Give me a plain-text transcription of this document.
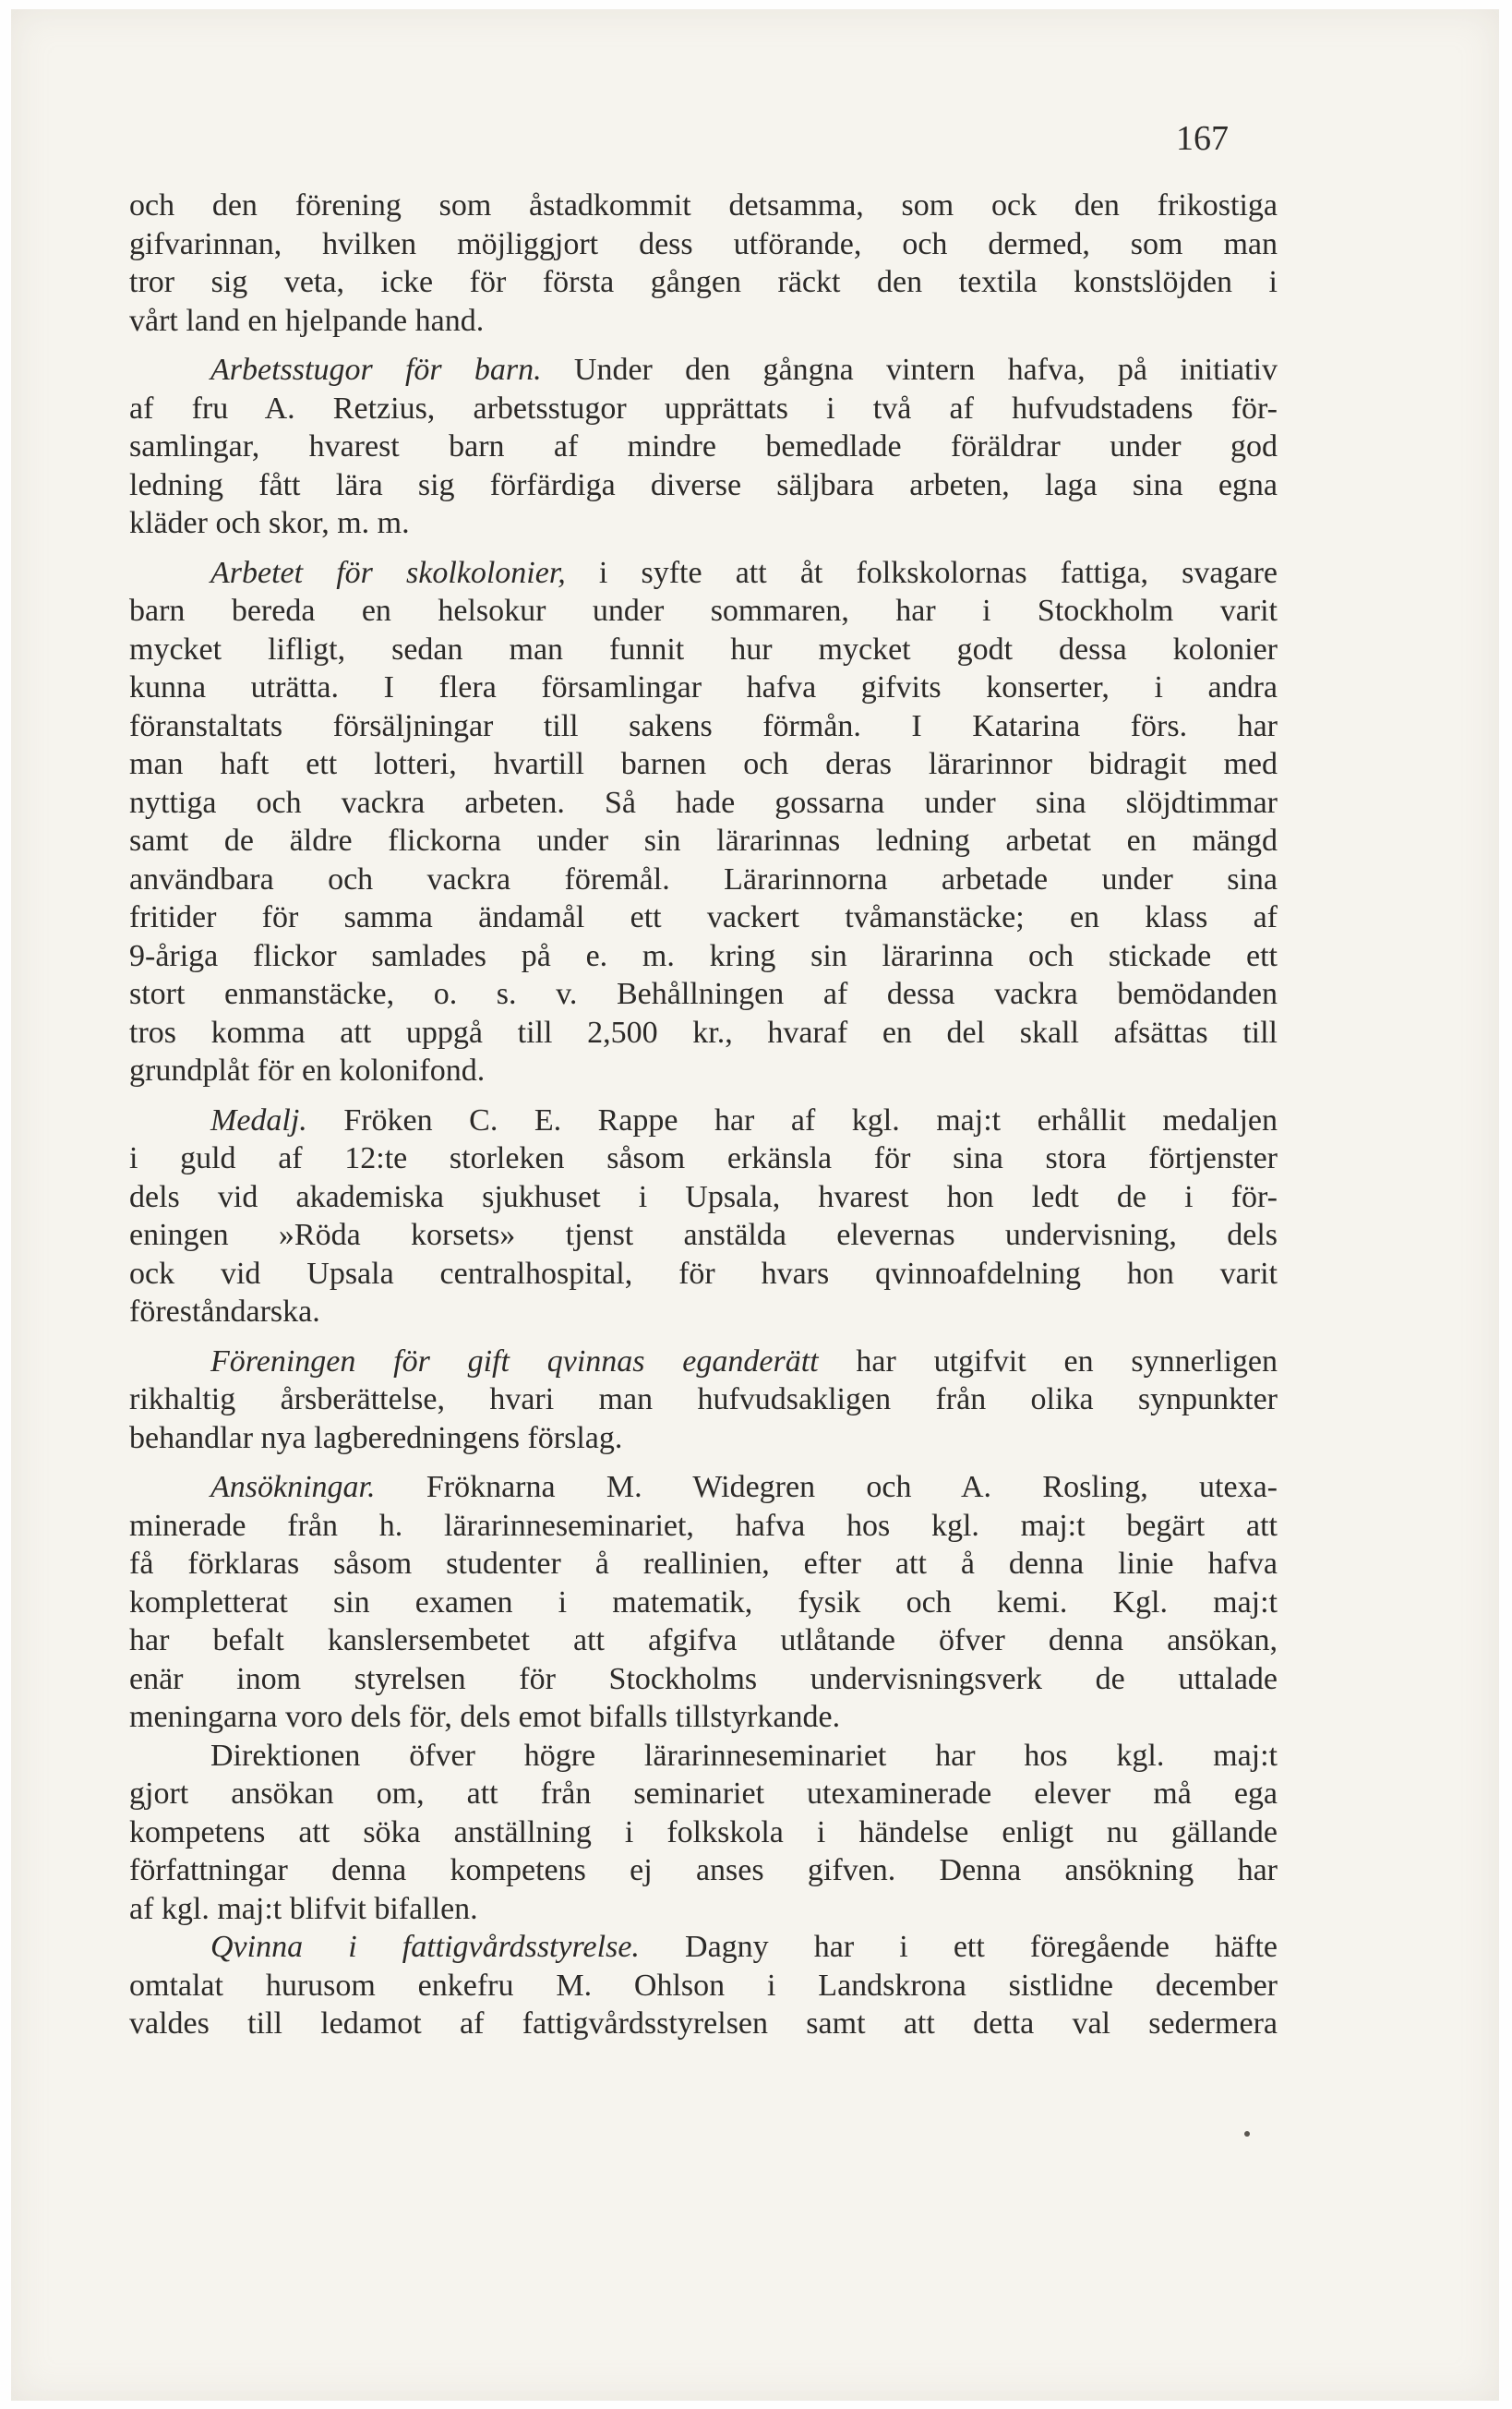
167
och den förening som åstadkommit detsamma, som ock den frikostiga
gifvarinnan, hvilken möjliggjort dess utförande, och dermed, som man
tror sig veta, icke för första gången räckt den textila konstslöjden i
vårt land en hjelpande hand.
Arbetsstugor för barn. Under den gångna vintern hafva, på initiativ
af fru A. Retzius, arbetsstugor upprättats i två af hufvudstadens för-
samlingar, hvarest barn af mindre bemedlade föräldrar under god
ledning fått lära sig förfärdiga diverse säljbara arbeten, laga sina egna
kläder och skor, m. m.
Arbetet för skolkolonier, i syfte att åt folkskolornas fattiga, svagare
barn bereda en helsokur under sommaren, har i Stockholm varit
mycket lifligt, sedan man funnit hur mycket godt dessa kolonier
kunna uträtta. I flera församlingar hafva gifvits konserter, i andra
föranstaltats försäljningar till sakens förmån. I Katarina förs. har
man haft ett lotteri, hvartill barnen och deras lärarinnor bidragit med
nyttiga och vackra arbeten. Så hade gossarna under sina slöjdtimmar
samt de äldre flickorna under sin lärarinnas ledning arbetat en mängd
användbara och vackra föremål. Lärarinnorna arbetade under sina
fritider för samma ändamål ett vackert tvåmanstäcke; en klass af
9-åriga flickor samlades på e. m. kring sin lärarinna och stickade ett
stort enmanstäcke, o. s. v. Behållningen af dessa vackra bemödanden
tros komma att uppgå till 2,500 kr., hvaraf en del skall afsättas till
grundplåt för en kolonifond.
Medalj. Fröken C. E. Rappe har af kgl. maj:t erhållit medaljen
i guld af 12:te storleken såsom erkänsla för sina stora förtjenster
dels vid akademiska sjukhuset i Upsala, hvarest hon ledt de i för-
eningen »Röda korsets» tjenst anstälda elevernas undervisning, dels
ock vid Upsala centralhospital, för hvars qvinnoafdelning hon varit
föreståndarska.
Föreningen för gift qvinnas eganderätt har utgifvit en synnerligen
rikhaltig årsberättelse, hvari man hufvudsakligen från olika synpunkter
behandlar nya lagberedningens förslag.
Ansökningar. Fröknarna M. Widegren och A. Rosling, utexa-
minerade från h. lärarinneseminariet, hafva hos kgl. maj:t begärt att
få förklaras såsom studenter å reallinien, efter att å denna linie hafva
kompletterat sin examen i matematik, fysik och kemi. Kgl. maj:t
har befalt kanslersembetet att afgifva utlåtande öfver denna ansökan,
enär inom styrelsen för Stockholms undervisningsverk de uttalade
meningarna voro dels för, dels emot bifalls tillstyrkande.
Direktionen öfver högre lärarinneseminariet har hos kgl. maj:t
gjort ansökan om, att från seminariet utexaminerade elever må ega
kompetens att söka anställning i folkskola i händelse enligt nu gällande
författningar denna kompetens ej anses gifven. Denna ansökning har
af kgl. maj:t blifvit bifallen.
Qvinna i fattigvårdsstyrelse. Dagny har i ett föregående häfte
omtalat hurusom enkefru M. Ohlson i Landskrona sistlidne december
valdes till ledamot af fattigvårdsstyrelsen samt att detta val sedermera
